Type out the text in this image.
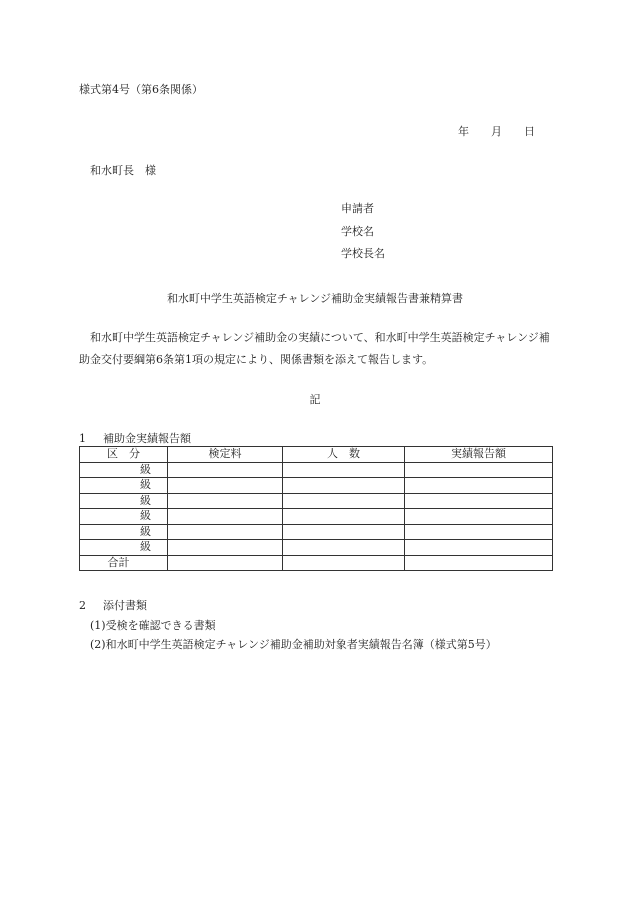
様式第4号（第6条関係）
年 月 日
和水町長　様
申請者
学校名
学校長名
和水町中学生英語検定チャレンジ補助金実績報告書兼精算書
和水町中学生英語検定チャレンジ補助金の実績について、和水町中学生英語検定チャレンジ補助金交付要綱第6条第1項の規定により、関係書類を添えて報告します。
記
1 補助金実績報告額
区　分	検定料	人　数	実績報告額
級			
級			
級			
級			
級			
級			
合計			
2 添付書類
(1)受検を確認できる書類
(2)和水町中学生英語検定チャレンジ補助金補助対象者実績報告名簿（様式第5号）
